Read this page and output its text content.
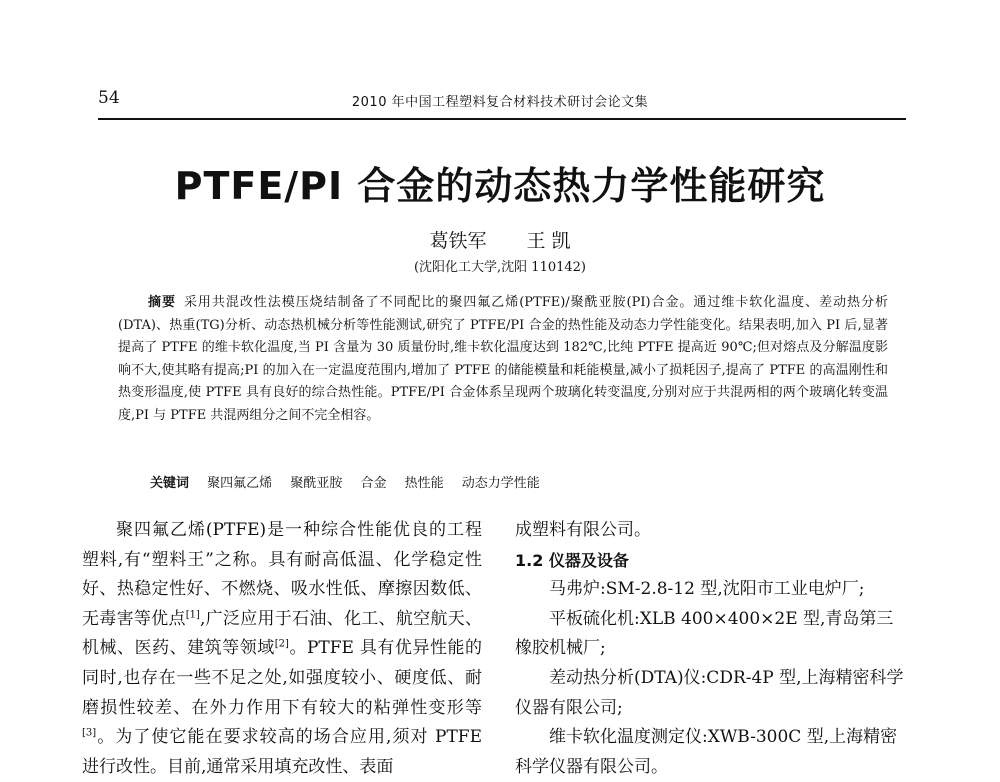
54	2010 年中国工程塑料复合材料技术研讨会论文集
PTFE/PI 合金的动态热力学性能研究
葛铁军 王 凯
(沈阳化工大学,沈阳 110142)
摘要 采用共混改性法模压烧结制备了不同配比的聚四氟乙烯(PTFE)/聚酰亚胺(PI)合金。通过维卡软化温度、差动热分析(DTA)、热重(TG)分析、动态热机械分析等性能测试,研究了 PTFE/PI 合金的热性能及动态力学性能变化。结果表明,加入 PI 后,显著提高了 PTFE 的维卡软化温度,当 PI 含量为 30 质量份时,维卡软化温度达到 182℃,比纯 PTFE 提高近 90℃;但对熔点及分解温度影响不大,使其略有提高;PI 的加入在一定温度范围内,增加了 PTFE 的储能模量和耗能模量,减小了损耗因子,提高了 PTFE 的高温刚性和热变形温度,使 PTFE 具有良好的综合热性能。PTFE/PI 合金体系呈现两个玻璃化转变温度,分别对应于共混两相的两个玻璃化转变温度,PI 与 PTFE 共混两组分之间不完全相容。
关键词 聚四氟乙烯 聚酰亚胺 合金 热性能 动态力学性能

聚四氟乙烯(PTFE)是一种综合性能优良的工程塑料,有“塑料王”之称。具有耐高低温、化学稳定性好、热稳定性好、不燃烧、吸水性低、摩擦因数低、无毒害等优点[1],广泛应用于石油、化工、航空航天、机械、医药、建筑等领域[2]。PTFE 具有优异性能的同时,也存在一些不足之处,如强度较小、硬度低、耐磨损性较差、在外力作用下有较大的粘弹性变形等[3]。为了使它能在要求较高的场合应用,须对 PTFE 进行改性。目前,通常采用填充改性、表面

成塑料有限公司。

1.2 仪器及设备

马弗炉:SM-2.8-12 型,沈阳市工业电炉厂;

平板硫化机:XLB 400×400×2E 型,青岛第三橡胶机械厂;

差动热分析(DTA)仪:CDR-4P 型,上海精密科学仪器有限公司;

维卡软化温度测定仪:XWB-300C 型,上海精密科学仪器有限公司。
